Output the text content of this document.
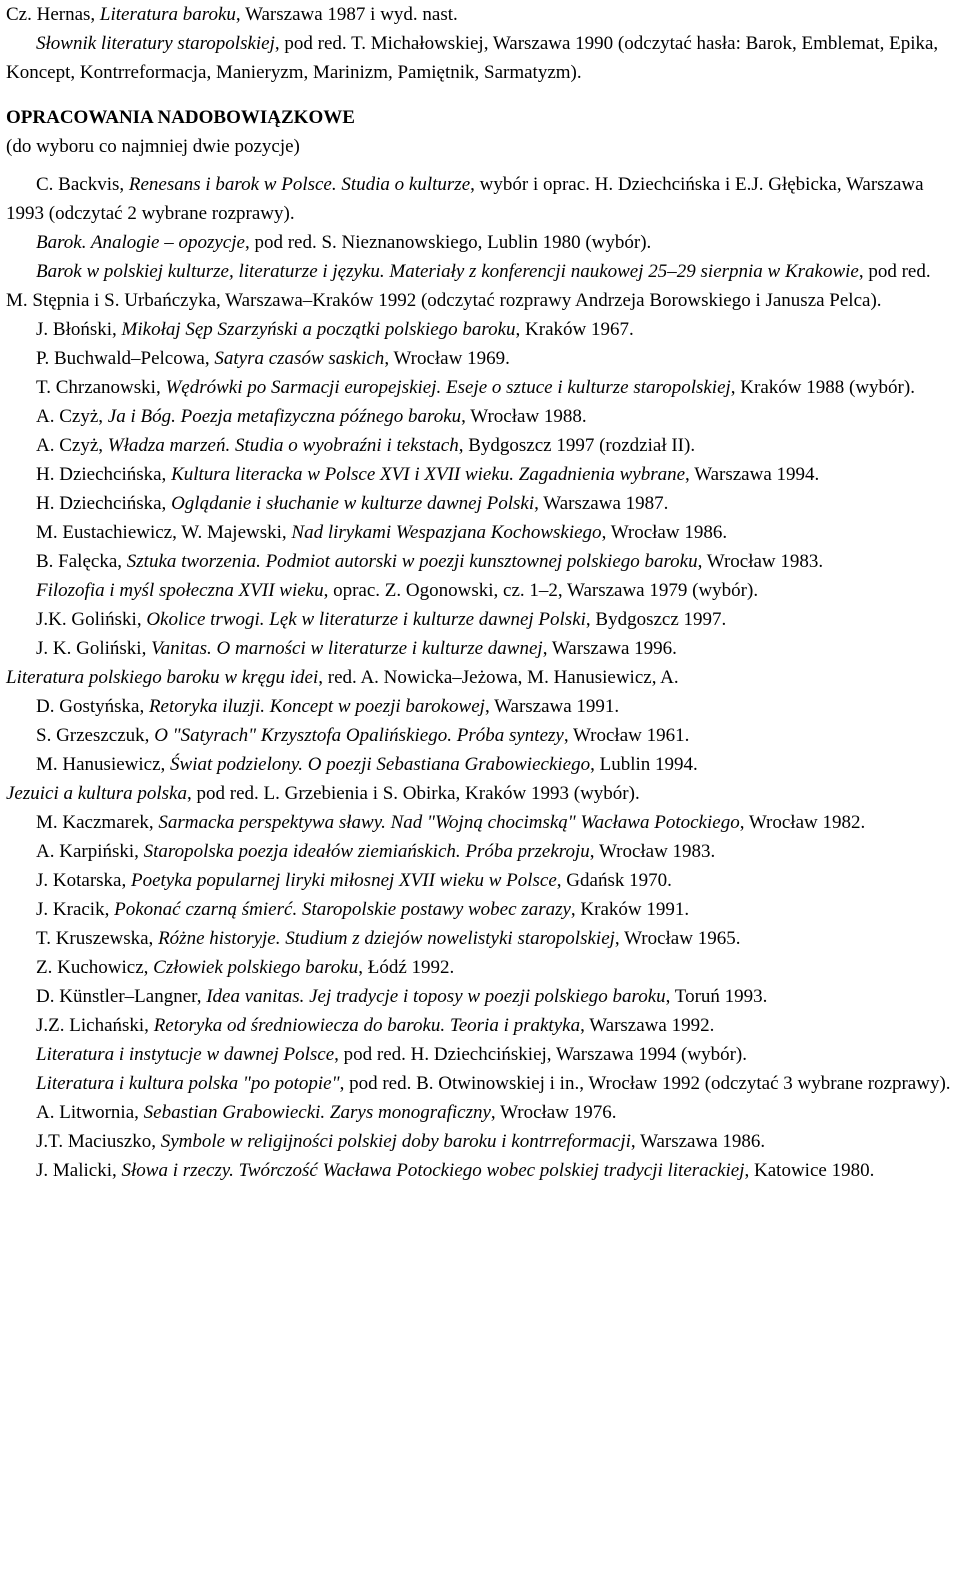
Cz. Hernas, Literatura baroku, Warszawa 1987 i wyd. nast.
Słownik literatury staropolskiej, pod red. T. Michałowskiej, Warszawa 1990 (odczytać hasła: Barok, Emblemat, Epika, Koncept, Kontrreformacja, Manieryzm, Marinizm, Pamiętnik, Sarmatyzm).
OPRACOWANIA NADOBOWIĄZKOWE
(do wyboru co najmniej dwie pozycje)
C. Backvis, Renesans i barok w Polsce. Studia o kulturze, wybór i oprac. H. Dziechcińska i E.J. Głębicka, Warszawa 1993 (odczytać 2 wybrane rozprawy).
Barok. Analogie – opozycje, pod red. S. Nieznanowskiego, Lublin 1980 (wybór).
Barok w polskiej kulturze, literaturze i języku. Materiały z konferencji naukowej 25–29 sierpnia w Krakowie, pod red. M. Stępnia i S. Urbańczyka, Warszawa–Kraków 1992 (odczytać rozprawy Andrzeja Borowskiego i Janusza Pelca).
J. Błoński, Mikołaj Sęp Szarzyński a początki polskiego baroku, Kraków 1967.
P. Buchwald–Pelcowa, Satyra czasów saskich, Wrocław 1969.
T. Chrzanowski, Wędrówki po Sarmacji europejskiej. Eseje o sztuce i kulturze staropolskiej, Kraków 1988 (wybór).
A. Czyż, Ja i Bóg. Poezja metafizyczna późnego baroku, Wrocław 1988.
A. Czyż, Władza marzeń. Studia o wyobraźni i tekstach, Bydgoszcz 1997 (rozdział II).
H. Dziechcińska, Kultura literacka w Polsce XVI i XVII wieku. Zagadnienia wybrane, Warszawa 1994.
H. Dziechcińska, Oglądanie i słuchanie w kulturze dawnej Polski, Warszawa 1987.
M. Eustachiewicz, W. Majewski, Nad lirykami Wespazjana Kochowskiego, Wrocław 1986.
B. Falęcka, Sztuka tworzenia. Podmiot autorski w poezji kunsztownej polskiego baroku, Wrocław 1983.
Filozofia i myśl społeczna XVII wieku, oprac. Z. Ogonowski, cz. 1–2, Warszawa 1979 (wybór).
J.K. Goliński, Okolice trwogi. Lęk w literaturze i kulturze dawnej Polski, Bydgoszcz 1997.
J. K. Goliński, Vanitas. O marności w literaturze i kulturze dawnej, Warszawa 1996.
Literatura polskiego baroku w kręgu idei, red. A. Nowicka–Jeżowa, M. Hanusiewicz, A.
D. Gostyńska, Retoryka iluzji. Koncept w poezji barokowej, Warszawa 1991.
S. Grzeszczuk, O "Satyrach" Krzysztofa Opalińskiego. Próba syntezy, Wrocław 1961.
M. Hanusiewicz, Świat podzielony. O poezji Sebastiana Grabowieckiego, Lublin 1994.
Jezuici a kultura polska, pod red. L. Grzebienia i S. Obirka, Kraków 1993 (wybór).
M. Kaczmarek, Sarmacka perspektywa sławy. Nad "Wojną chocimską" Wacława Potockiego, Wrocław 1982.
A. Karpiński, Staropolska poezja ideałów ziemiańskich. Próba przekroju, Wrocław 1983.
J. Kotarska, Poetyka popularnej liryki miłosnej XVII wieku w Polsce, Gdańsk 1970.
J. Kracik, Pokonać czarną śmierć. Staropolskie postawy wobec zarazy, Kraków 1991.
T. Kruszewska, Różne historyje. Studium z dziejów nowelistyki staropolskiej, Wrocław 1965.
Z. Kuchowicz, Człowiek polskiego baroku, Łódź 1992.
D. Künstler–Langner, Idea vanitas. Jej tradycje i toposy w poezji polskiego baroku, Toruń 1993.
J.Z. Lichański, Retoryka od średniowiecza do baroku. Teoria i praktyka, Warszawa 1992.
Literatura i instytucje w dawnej Polsce, pod red. H. Dziechcińskiej, Warszawa 1994 (wybór).
Literatura i kultura polska "po potopie", pod red. B. Otwinowskiej i in., Wrocław 1992 (odczytać 3 wybrane rozprawy).
A. Litwornia, Sebastian Grabowiecki. Zarys monograficzny, Wrocław 1976.
J.T. Maciuszko, Symbole w religijności polskiej doby baroku i kontrreformacji, Warszawa 1986.
J. Malicki, Słowa i rzeczy. Twórczość Wacława Potockiego wobec polskiej tradycji literackiej, Katowice 1980.
